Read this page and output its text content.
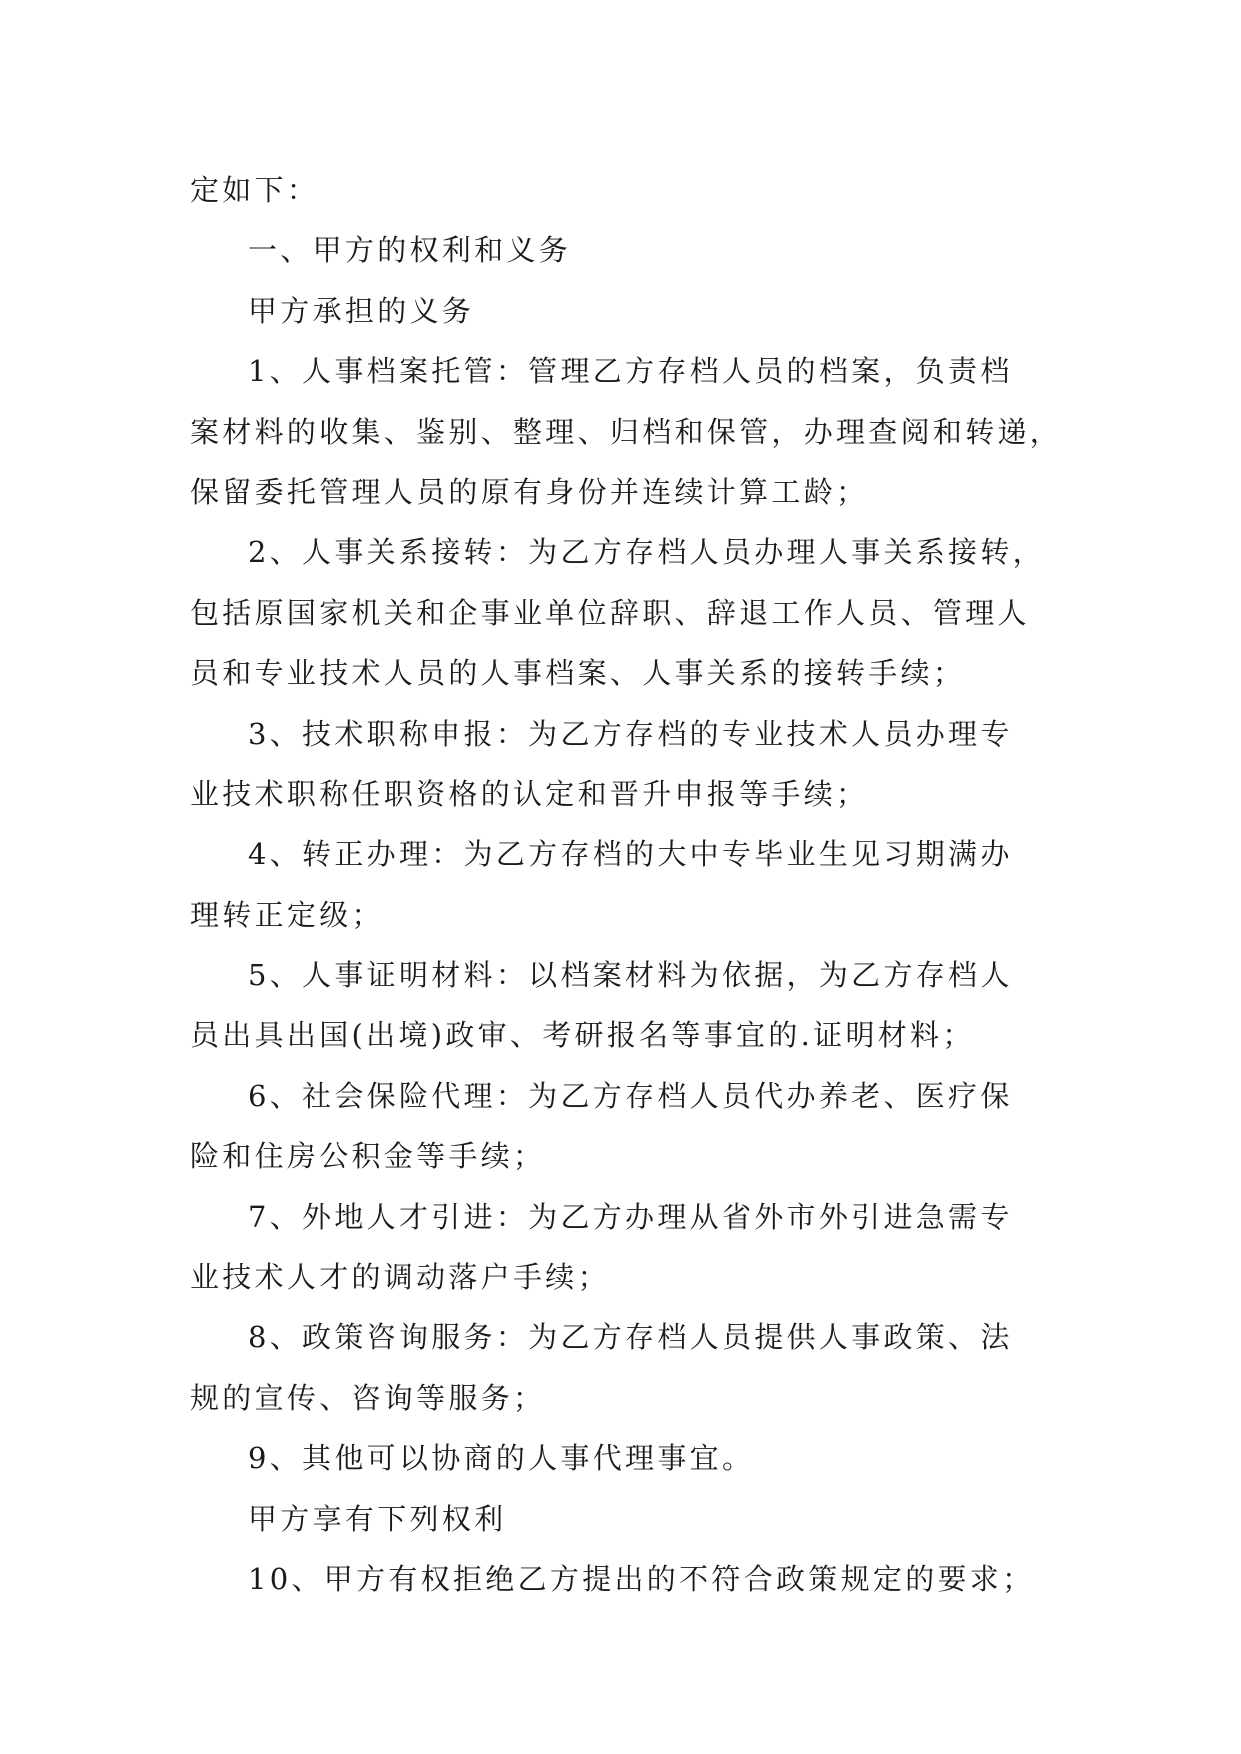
定如下：
一、甲方的权利和义务
甲方承担的义务
1、人事档案托管：管理乙方存档人员的档案，负责档
案材料的收集、鉴别、整理、归档和保管，办理查阅和转递，
保留委托管理人员的原有身份并连续计算工龄；
2、人事关系接转：为乙方存档人员办理人事关系接转，
包括原国家机关和企事业单位辞职、辞退工作人员、管理人
员和专业技术人员的人事档案、人事关系的接转手续；
3、技术职称申报：为乙方存档的专业技术人员办理专
业技术职称任职资格的认定和晋升申报等手续；
4、转正办理：为乙方存档的大中专毕业生见习期满办
理转正定级；
5、人事证明材料：以档案材料为依据，为乙方存档人
员出具出国(出境)政审、考研报名等事宜的.证明材料；
6、社会保险代理：为乙方存档人员代办养老、医疗保
险和住房公积金等手续；
7、外地人才引进：为乙方办理从省外市外引进急需专
业技术人才的调动落户手续；
8、政策咨询服务：为乙方存档人员提供人事政策、法
规的宣传、咨询等服务；
9、其他可以协商的人事代理事宜。
甲方享有下列权利
10、甲方有权拒绝乙方提出的不符合政策规定的要求；
